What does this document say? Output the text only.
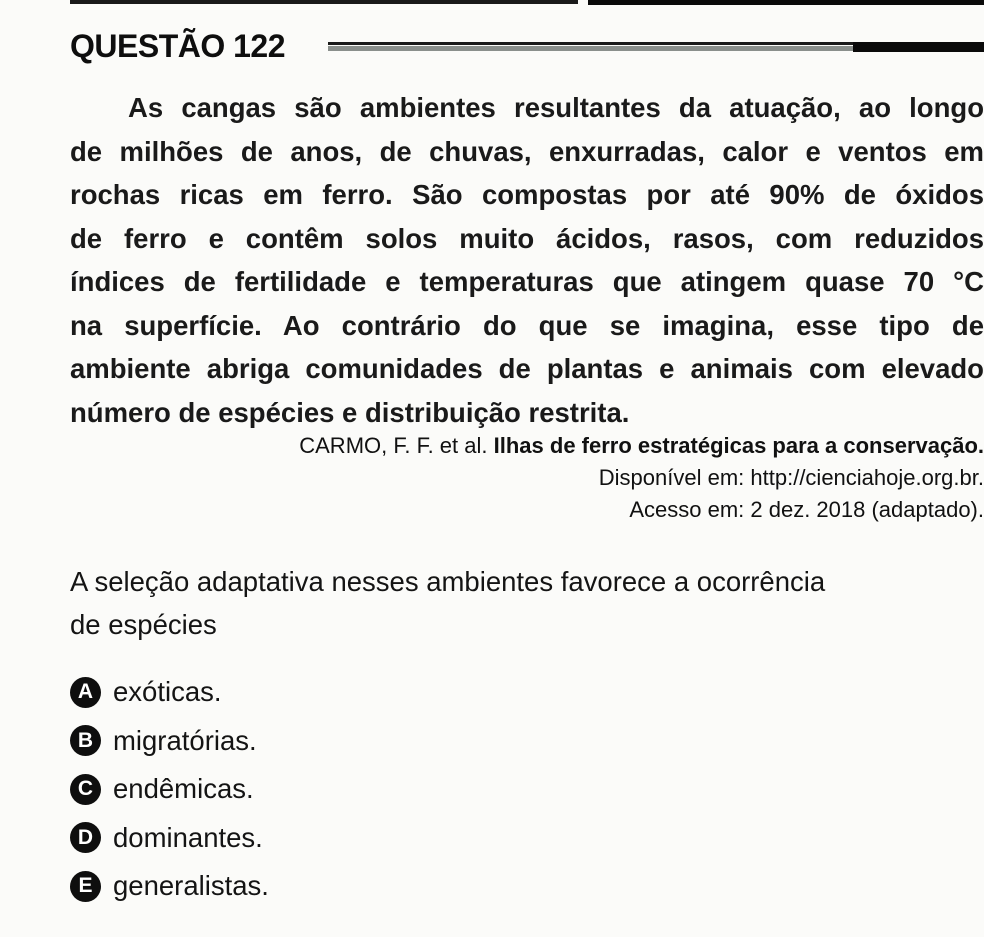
QUESTÃO 122
As cangas são ambientes resultantes da atuação, ao longo
de milhões de anos, de chuvas, enxurradas, calor e ventos em
rochas ricas em ferro. São compostas por até 90% de óxidos
de ferro e contêm solos muito ácidos, rasos, com reduzidos
índices de fertilidade e temperaturas que atingem quase 70 °C
na superfície. Ao contrário do que se imagina, esse tipo de
ambiente abriga comunidades de plantas e animais com elevado
número de espécies e distribuição restrita.
CARMO, F. F. et al. Ilhas de ferro estratégicas para a conservação.
Disponível em: http://cienciahoje.org.br.
Acesso em: 2 dez. 2018 (adaptado).
A seleção adaptativa nesses ambientes favorece a ocorrência
de espécies
A exóticas.
B migratórias.
C endêmicas.
D dominantes.
E generalistas.
